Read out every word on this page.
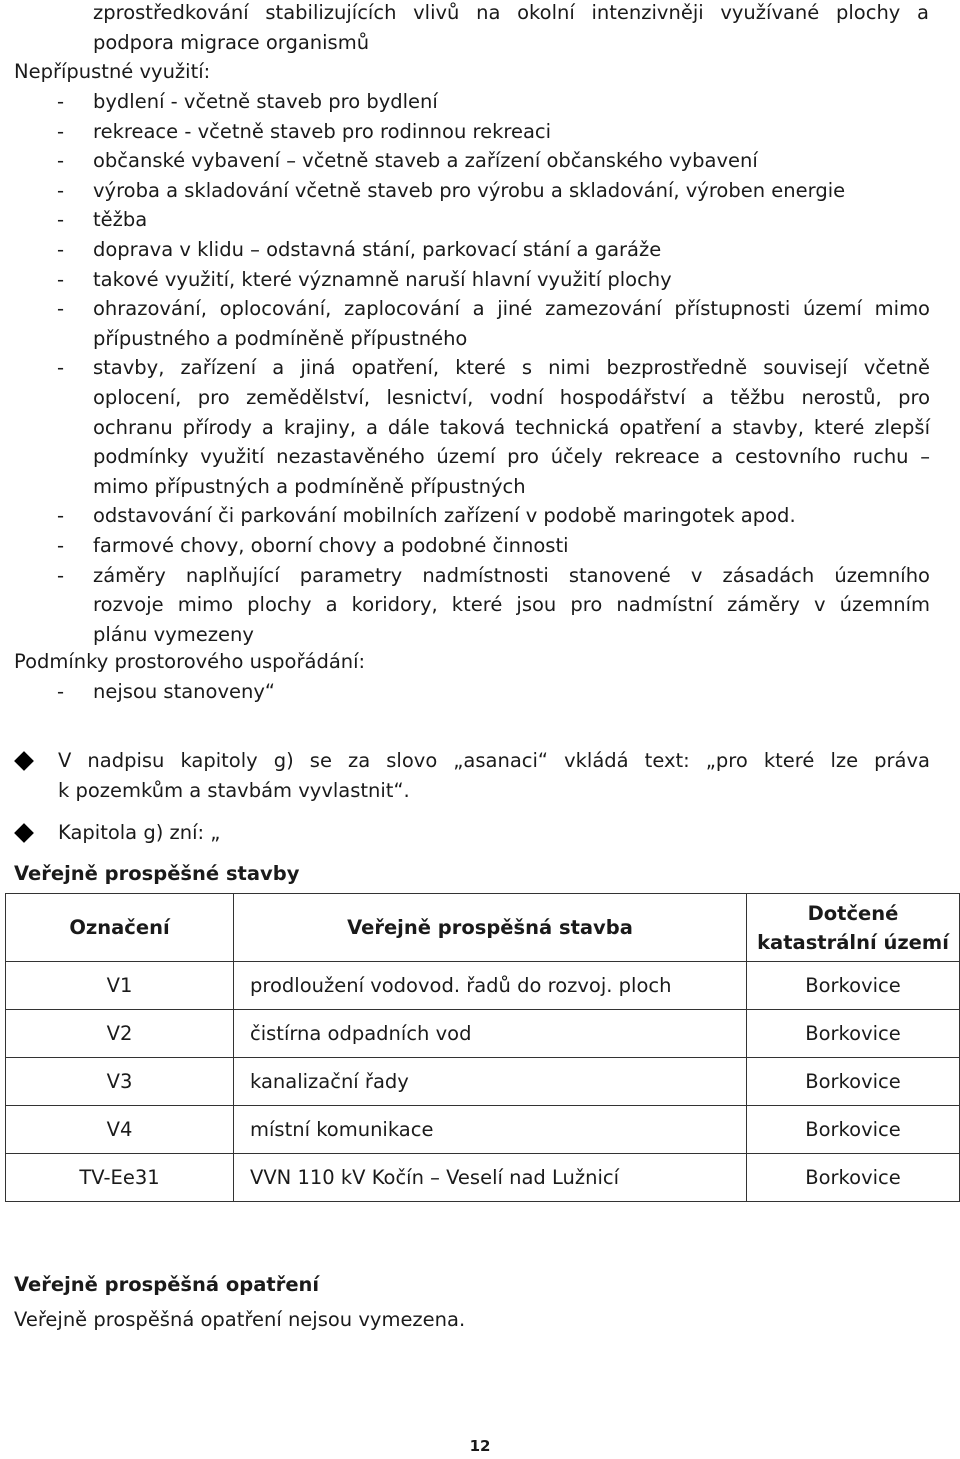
zprostředkování stabilizujících vlivů na okolní intenzivněji využívané plochy a
podpora migrace organismů
Nepřípustné využití:
-	bydlení - včetně staveb pro bydlení
-	rekreace - včetně staveb pro rodinnou rekreaci
-	občanské vybavení – včetně staveb a zařízení občanského vybavení
-	výroba a skladování včetně staveb pro výrobu a skladování, výroben energie
-	těžba
-	doprava v klidu – odstavná stání, parkovací stání a garáže
-	takové využití, které významně naruší hlavní využití plochy
-	ohrazování, oplocování, zaplocování a jiné zamezování přístupnosti území mimo
přípustného a podmíněně přípustného
-	stavby, zařízení a jiná opatření, které s nimi bezprostředně souvisejí včetně
oplocení, pro zemědělství, lesnictví, vodní hospodářství a těžbu nerostů, pro
ochranu přírody a krajiny, a dále taková technická opatření a stavby, které zlepší
podmínky využití nezastavěného území pro účely rekreace a cestovního ruchu –
mimo přípustných a podmíněně přípustných
-	odstavování či parkování mobilních zařízení v podobě maringotek apod.
-	farmové chovy, oborní chovy a podobné činnosti
-	záměry naplňující parametry nadmístnosti stanovené v zásadách územního
rozvoje mimo plochy a koridory, které jsou pro nadmístní záměry v územním
plánu vymezeny
Podmínky prostorového uspořádání:
-	nejsou stanoveny“
V nadpisu kapitoly g) se za slovo „asanaci“ vkládá text: „pro které lze práva
k pozemkům a stavbám vyvlastnit“.
Kapitola g) zní: „
Veřejně prospěšné stavby
Označení	Veřejně prospěšná stavba	Dotčené katastrální území
V1	prodloužení vodovod. řadů do rozvoj. ploch	Borkovice
V2	čistírna odpadních vod	Borkovice
V3	kanalizační řady	Borkovice
V4	místní komunikace	Borkovice
TV-Ee31	VVN 110 kV Kočín – Veselí nad Lužnicí	Borkovice
Veřejně prospěšná opatření
Veřejně prospěšná opatření nejsou vymezena.
12
